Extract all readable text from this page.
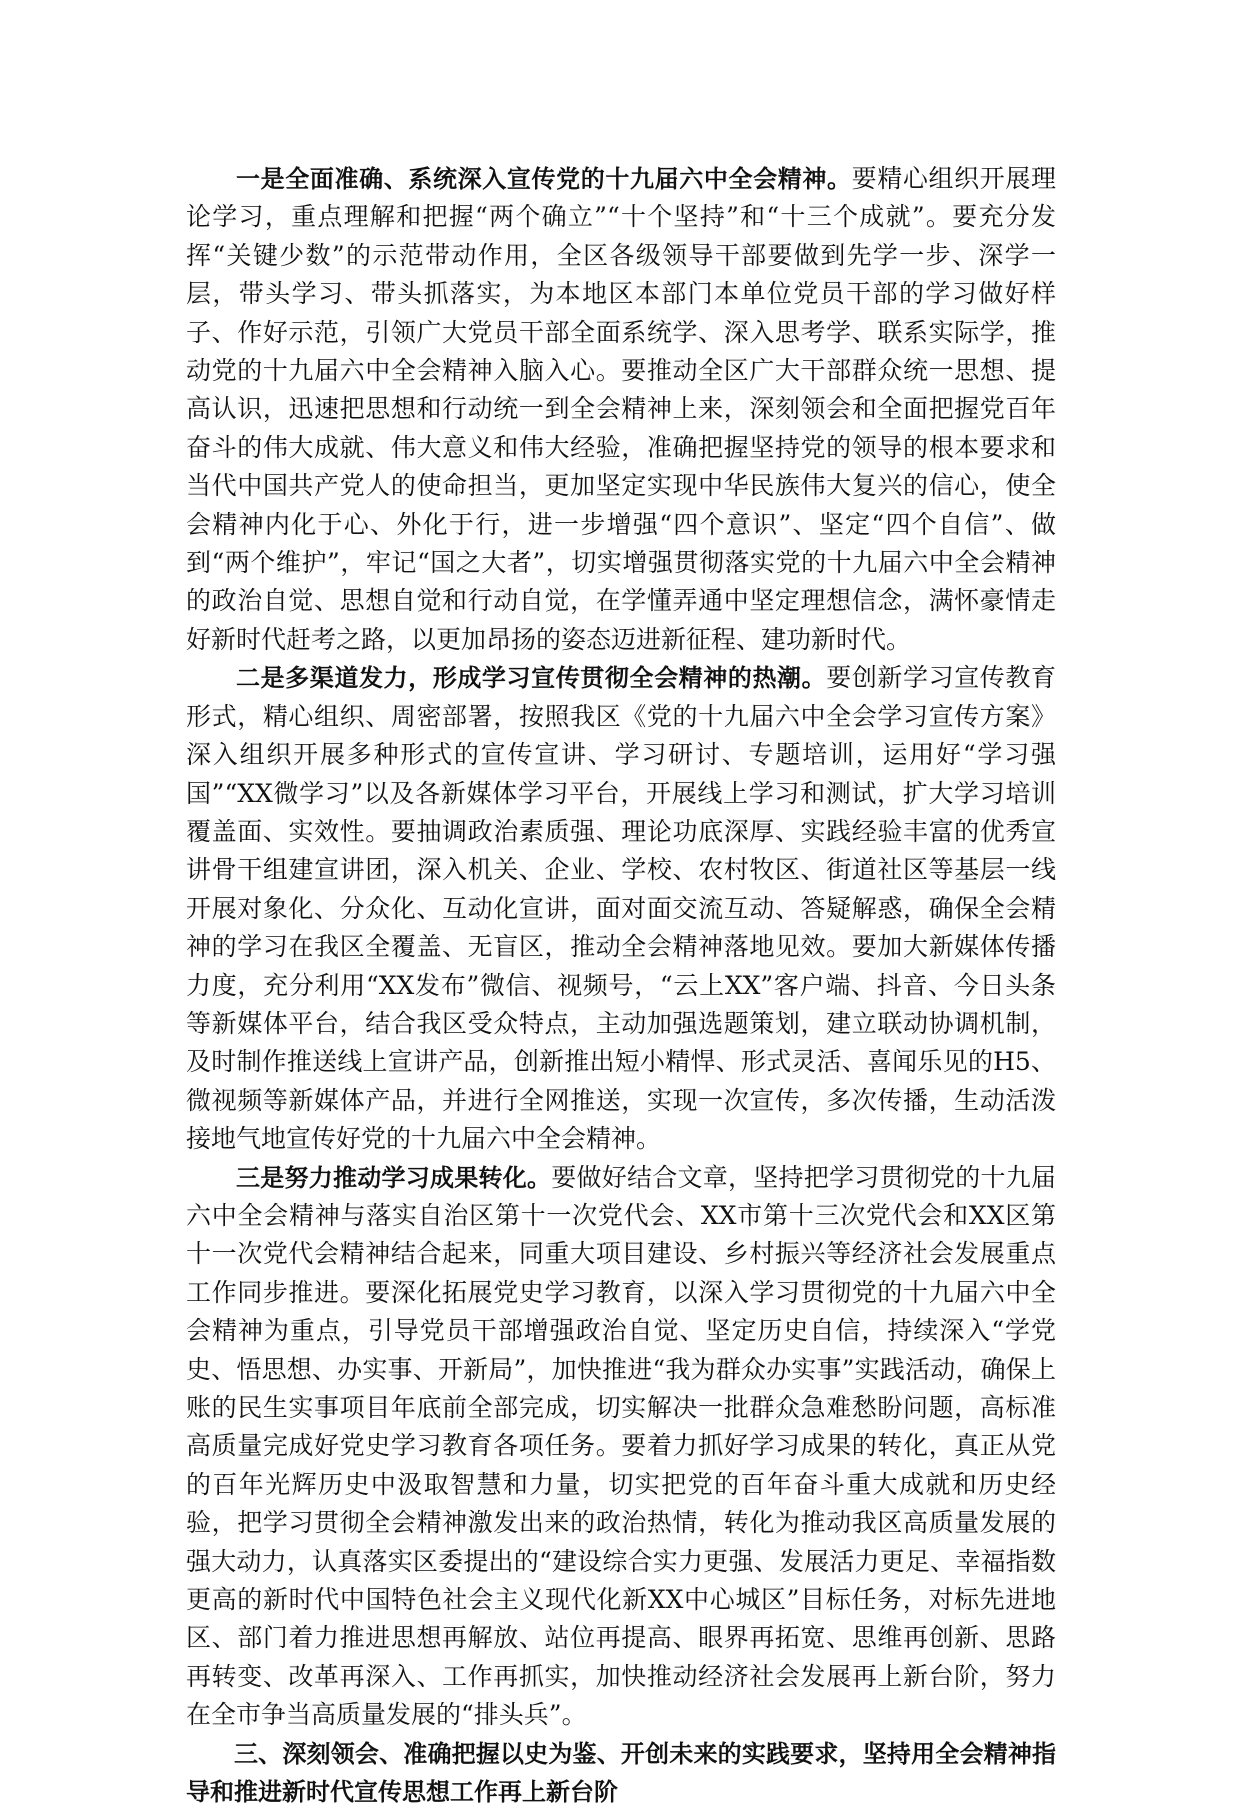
一是全面准确、系统深入宣传党的十九届六中全会精神。要精心组织开展理论学习，重点理解和把握“两个确立”“十个坚持”和“十三个成就”。要充分发挥“关键少数”的示范带动作用，全区各级领导干部要做到先学一步、深学一层，带头学习、带头抓落实，为本地区本部门本单位党员干部的学习做好样子、作好示范，引领广大党员干部全面系统学、深入思考学、联系实际学，推动党的十九届六中全会精神入脑入心。要推动全区广大干部群众统一思想、提高认识，迅速把思想和行动统一到全会精神上来，深刻领会和全面把握党百年奋斗的伟大成就、伟大意义和伟大经验，准确把握坚持党的领导的根本要求和当代中国共产党人的使命担当，更加坚定实现中华民族伟大复兴的信心，使全会精神内化于心、外化于行，进一步增强“四个意识”、坚定“四个自信”、做到“两个维护”，牢记“国之大者”，切实增强贯彻落实党的十九届六中全会精神的政治自觉、思想自觉和行动自觉，在学懂弄通中坚定理想信念，满怀豪情走好新时代赶考之路，以更加昂扬的姿态迈进新征程、建功新时代。

二是多渠道发力，形成学习宣传贯彻全会精神的热潮。要创新学习宣传教育形式，精心组织、周密部署，按照我区《党的十九届六中全会学习宣传方案》深入组织开展多种形式的宣传宣讲、学习研讨、专题培训，运用好“学习强国”“XX微学习”以及各新媒体学习平台，开展线上学习和测试，扩大学习培训覆盖面、实效性。要抽调政治素质强、理论功底深厚、实践经验丰富的优秀宣讲骨干组建宣讲团，深入机关、企业、学校、农村牧区、街道社区等基层一线开展对象化、分众化、互动化宣讲，面对面交流互动、答疑解惑，确保全会精神的学习在我区全覆盖、无盲区，推动全会精神落地见效。要加大新媒体传播力度，充分利用“XX发布”微信、视频号，“云上XX”客户端、抖音、今日头条等新媒体平台，结合我区受众特点，主动加强选题策划，建立联动协调机制，及时制作推送线上宣讲产品，创新推出短小精悍、形式灵活、喜闻乐见的H5、微视频等新媒体产品，并进行全网推送，实现一次宣传，多次传播，生动活泼接地气地宣传好党的十九届六中全会精神。

三是努力推动学习成果转化。要做好结合文章，坚持把学习贯彻党的十九届六中全会精神与落实自治区第十一次党代会、XX市第十三次党代会和XX区第十一次党代会精神结合起来，同重大项目建设、乡村振兴等经济社会发展重点工作同步推进。要深化拓展党史学习教育，以深入学习贯彻党的十九届六中全会精神为重点，引导党员干部增强政治自觉、坚定历史自信，持续深入“学党史、悟思想、办实事、开新局”，加快推进“我为群众办实事”实践活动，确保上账的民生实事项目年底前全部完成，切实解决一批群众急难愁盼问题，高标准高质量完成好党史学习教育各项任务。要着力抓好学习成果的转化，真正从党的百年光辉历史中汲取智慧和力量，切实把党的百年奋斗重大成就和历史经验，把学习贯彻全会精神激发出来的政治热情，转化为推动我区高质量发展的强大动力，认真落实区委提出的“建设综合实力更强、发展活力更足、幸福指数更高的新时代中国特色社会主义现代化新XX中心城区”目标任务，对标先进地区、部门着力推进思想再解放、站位再提高、眼界再拓宽、思维再创新、思路再转变、改革再深入、工作再抓实，加快推动经济社会发展再上新台阶，努力在全市争当高质量发展的“排头兵”。

三、深刻领会、准确把握以史为鉴、开创未来的实践要求，坚持用全会精神指导和推进新时代宣传思想工作再上新台阶
